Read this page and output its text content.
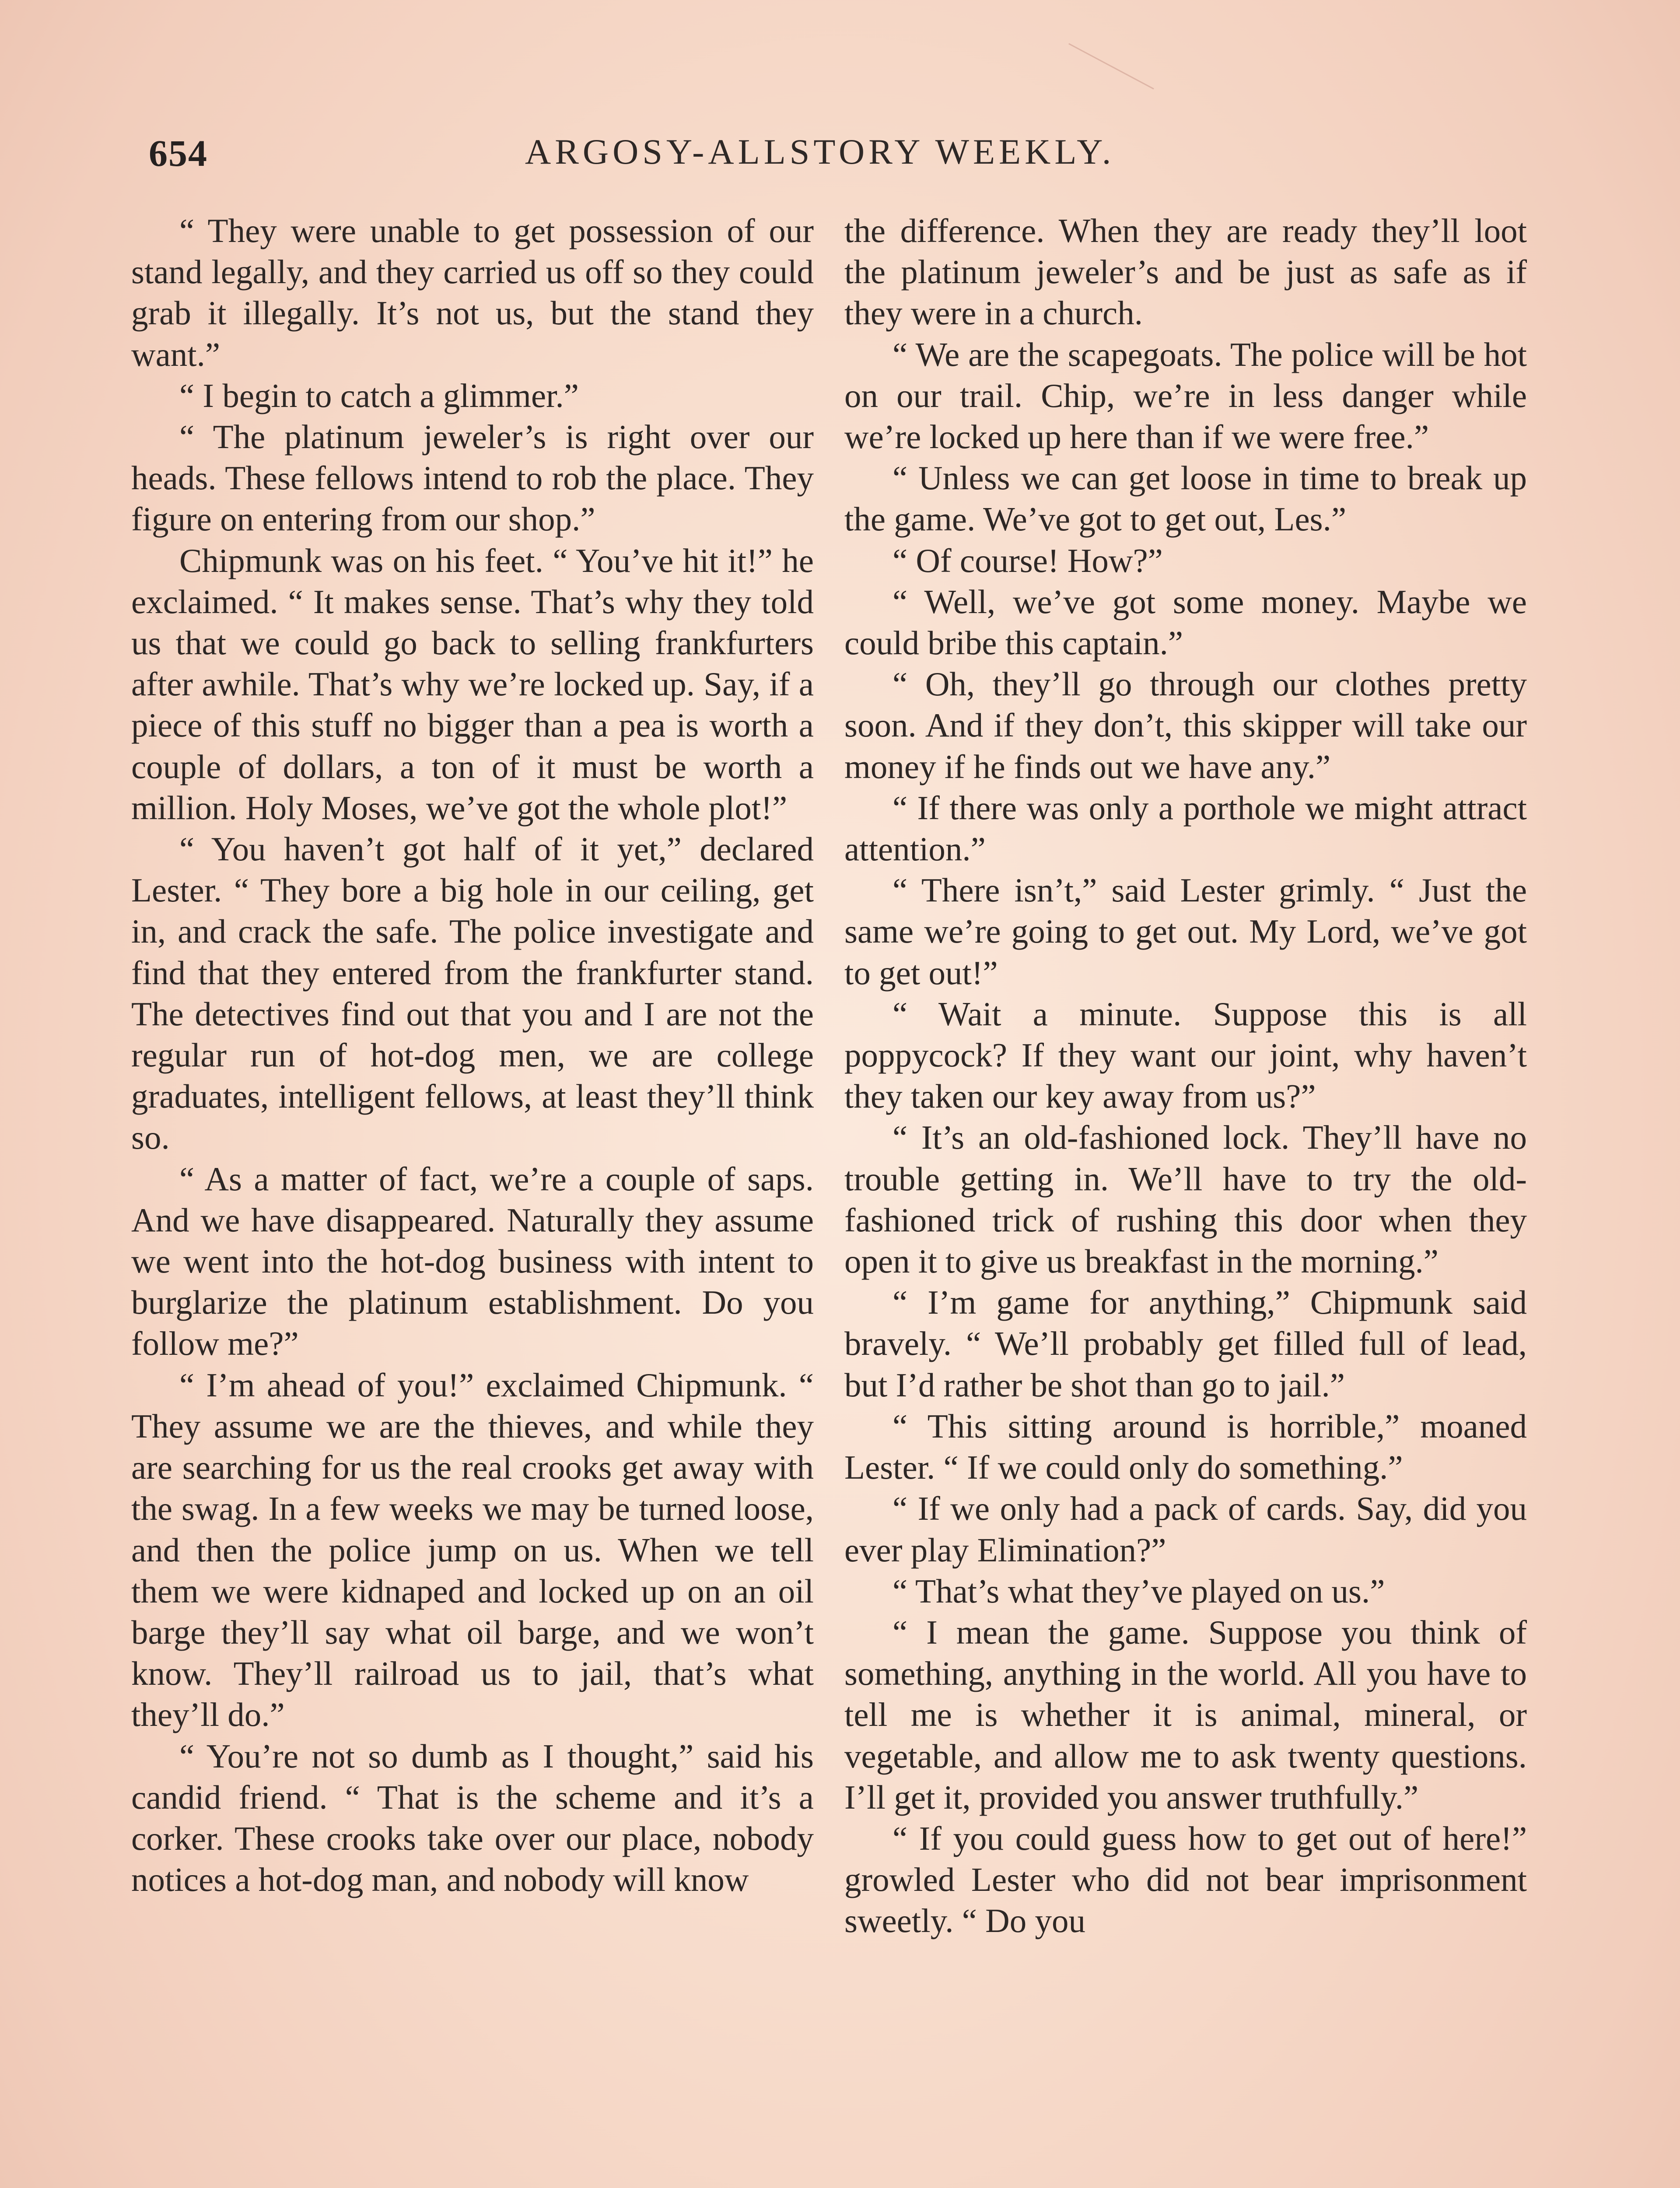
654	ARGOSY-ALLSTORY WEEKLY.

“ They were unable to get possession of our stand legally, and they carried us off so they could grab it illegally. It’s not us, but the stand they want.”

“ I begin to catch a glimmer.”

“ The platinum jeweler’s is right over our heads. These fellows intend to rob the place. They figure on entering from our shop.”

Chipmunk was on his feet. “ You’ve hit it!” he exclaimed. “ It makes sense. That’s why they told us that we could go back to selling frankfurters after awhile. That’s why we’re locked up. Say, if a piece of this stuff no bigger than a pea is worth a couple of dollars, a ton of it must be worth a million. Holy Moses, we’ve got the whole plot!”

“ You haven’t got half of it yet,” declared Lester. “ They bore a big hole in our ceiling, get in, and crack the safe. The police investigate and find that they entered from the frankfurter stand. The detectives find out that you and I are not the regular run of hot-dog men, we are college graduates, intelligent fellows, at least they’ll think so.

“ As a matter of fact, we’re a couple of saps. And we have disappeared. Naturally they assume we went into the hot-dog business with intent to burglarize the platinum establishment. Do you follow me?”

“ I’m ahead of you!” exclaimed Chipmunk. “ They assume we are the thieves, and while they are searching for us the real crooks get away with the swag. In a few weeks we may be turned loose, and then the police jump on us. When we tell them we were kidnaped and locked up on an oil barge they’ll say what oil barge, and we won’t know. They’ll railroad us to jail, that’s what they’ll do.”

“ You’re not so dumb as I thought,” said his candid friend. “ That is the scheme and it’s a corker. These crooks take over our place, nobody notices a hot-dog man, and nobody will know

the difference. When they are ready they’ll loot the platinum jeweler’s and be just as safe as if they were in a church.

“ We are the scapegoats. The police will be hot on our trail. Chip, we’re in less danger while we’re locked up here than if we were free.”

“ Unless we can get loose in time to break up the game. We’ve got to get out, Les.”

“ Of course! How?”

“ Well, we’ve got some money. Maybe we could bribe this captain.”

“ Oh, they’ll go through our clothes pretty soon. And if they don’t, this skipper will take our money if he finds out we have any.”

“ If there was only a porthole we might attract attention.”

“ There isn’t,” said Lester grimly. “ Just the same we’re going to get out. My Lord, we’ve got to get out!”

“ Wait a minute. Suppose this is all poppycock? If they want our joint, why haven’t they taken our key away from us?”

“ It’s an old-fashioned lock. They’ll have no trouble getting in. We’ll have to try the old-fashioned trick of rushing this door when they open it to give us breakfast in the morning.”

“ I’m game for anything,” Chipmunk said bravely. “ We’ll probably get filled full of lead, but I’d rather be shot than go to jail.”

“ This sitting around is horrible,” moaned Lester. “ If we could only do something.”

“ If we only had a pack of cards. Say, did you ever play Elimination?”

“ That’s what they’ve played on us.”

“ I mean the game. Suppose you think of something, anything in the world. All you have to tell me is whether it is animal, mineral, or vegetable, and allow me to ask twenty questions. I’ll get it, provided you answer truthfully.”

“ If you could guess how to get out of here!” growled Lester who did not bear imprisonment sweetly. “ Do you
